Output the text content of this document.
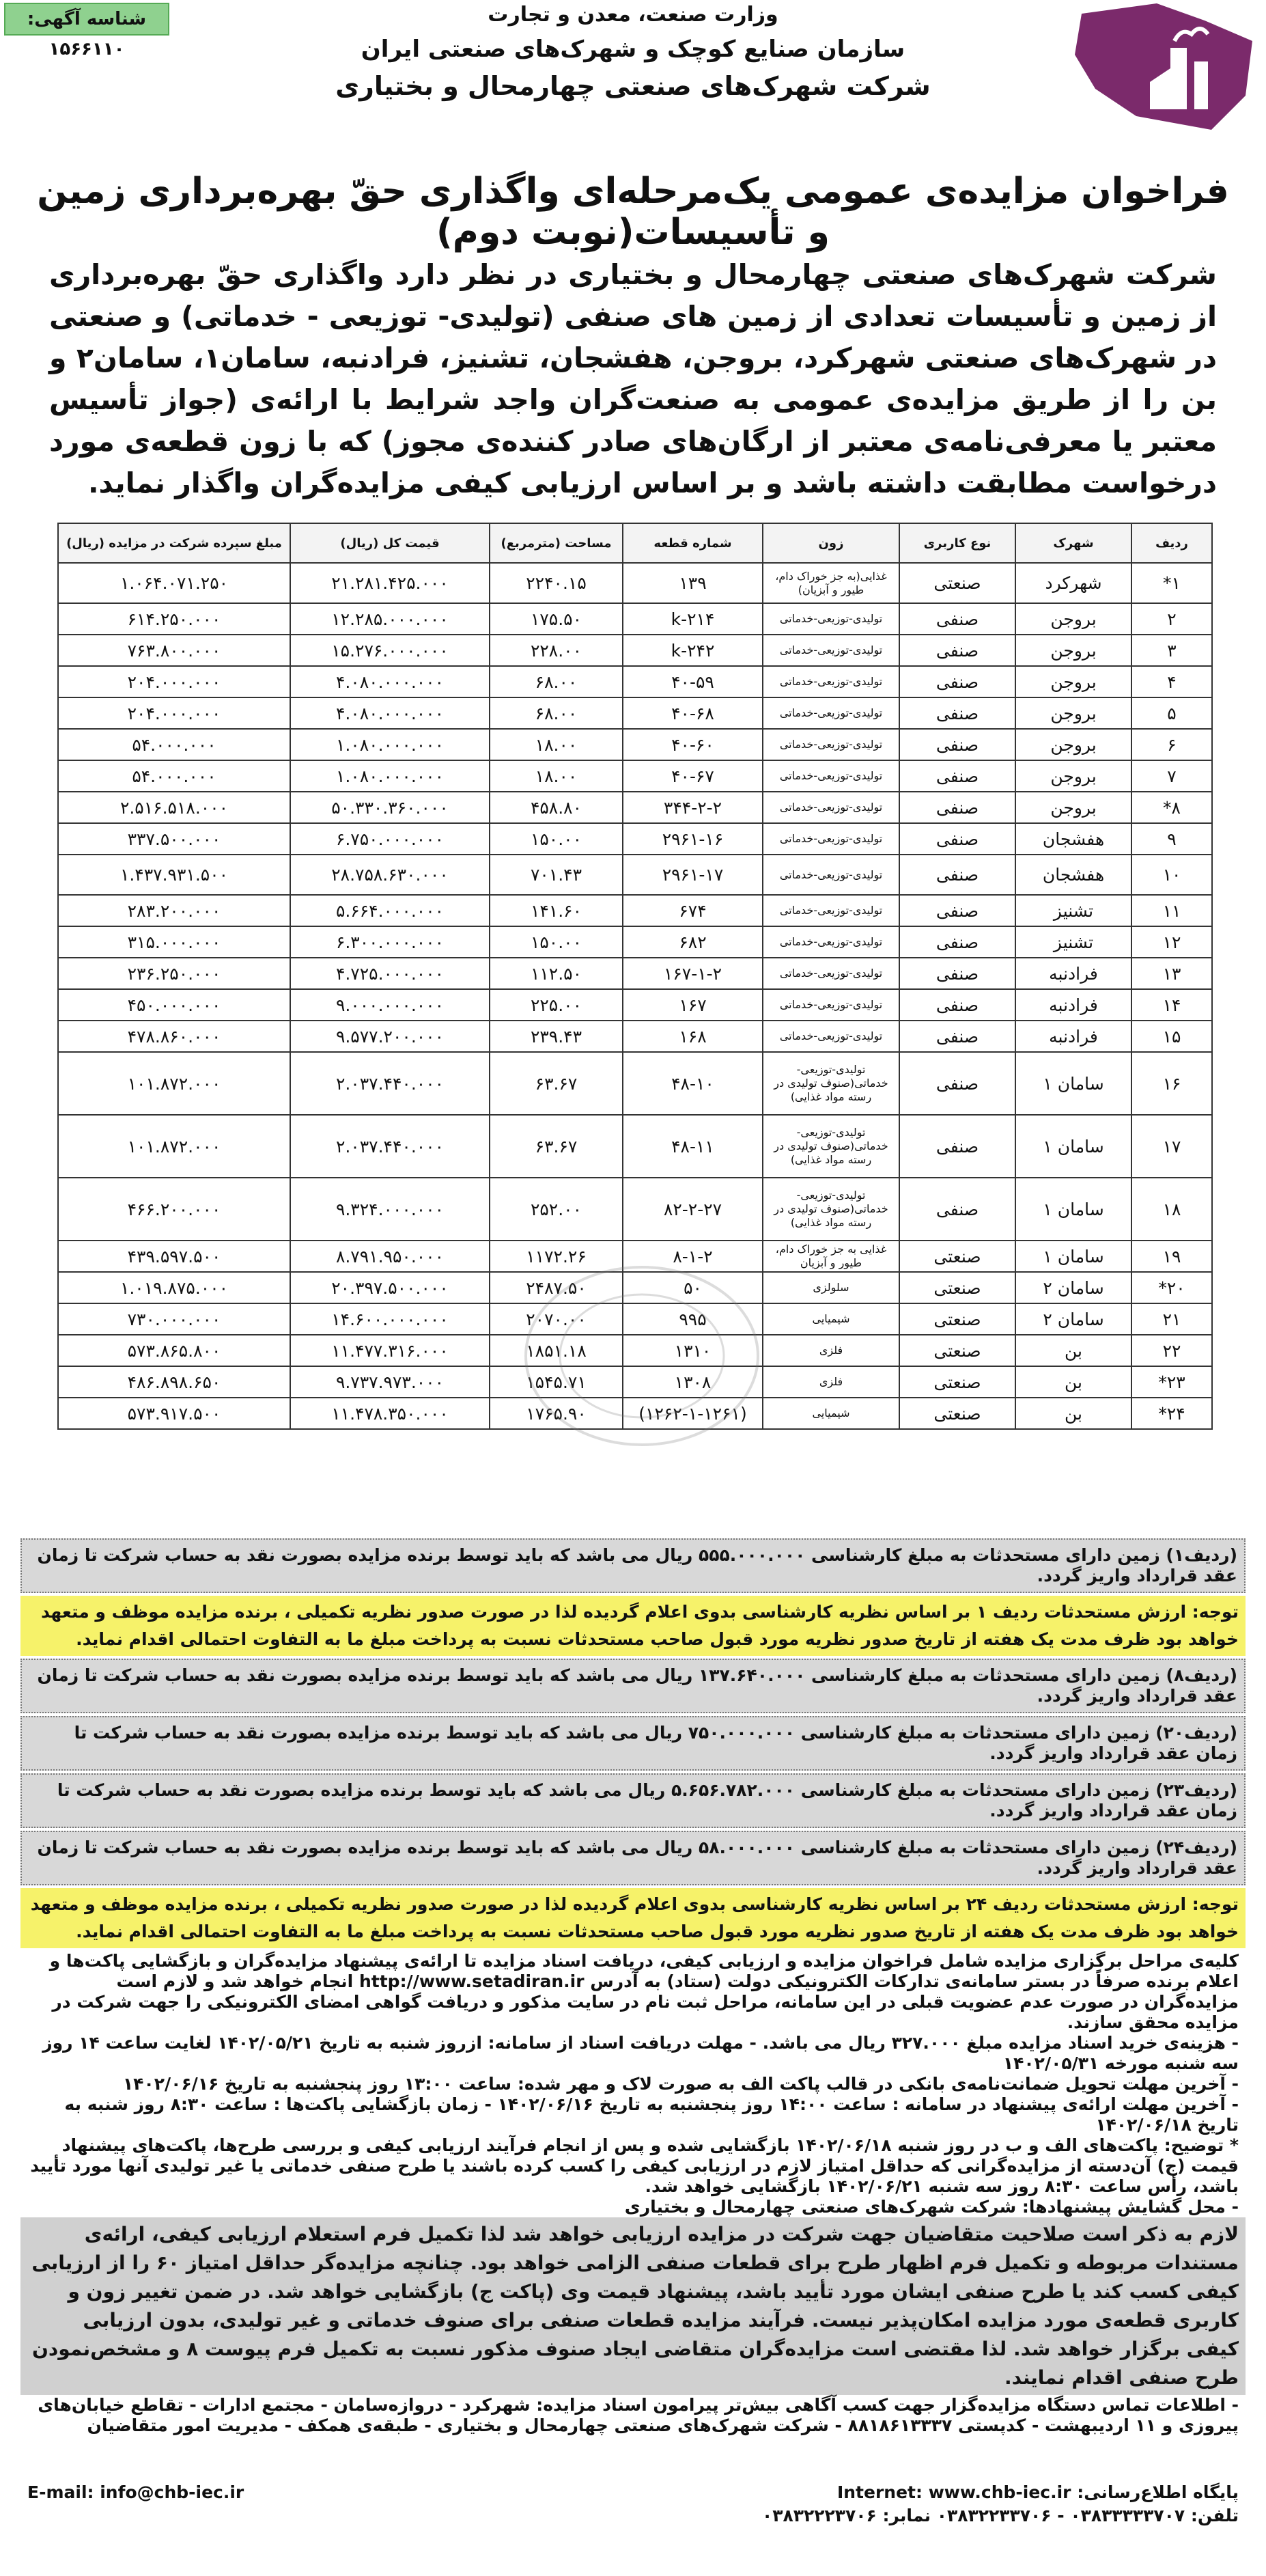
شناسه آگهی: ۱۵۶۶۱۱۰
وزارت صنعت، معدن و تجارت
سازمان صنایع کوچک و شهرک‌های صنعتی ایران
شرکت شهرک‌های صنعتی چهارمحال و بختیاری
فراخوان مزایده‌ی عمومی یک‌مرحله‌ای واگذاری حقّ بهره‌برداری زمین و تأسیسات(نوبت دوم)
شرکت شهرک‌های صنعتی چهارمحال و بختیاری در نظر دارد واگذاری حقّ بهره‌برداری از زمین و تأسیسات تعدادی از زمین های صنفی (تولیدی- توزیعی - خدماتی) و صنعتی در شهرک‌های صنعتی شهرکرد، بروجن، هفشجان، تشنیز، فرادنبه، سامان۱، سامان۲ و بن را از طریق مزایده‌ی عمومی به صنعت‌گران واجد شرایط با ارائه‌ی (جواز تأسیس معتبر یا معرفی‌نامه‌ی معتبر از ارگان‌های صادر کننده‌ی مجوز) که با زون قطعه‌ی مورد درخواست مطابقت داشته باشد و بر اساس ارزیابی کیفی مزایده‌گران واگذار نماید.
ردیف	شهرک	نوع کاربری	زون	شماره قطعه	مساحت (مترمربع)	قیمت کل (ریال)	مبلغ سپرده شرکت در مزایده (ریال)
۱*	شهرکرد	صنعتی	غذایی(به جز خوراک دام، طیور و آبزیان)	۱۳۹	۲۲۴۰.۱۵	۲۱.۲۸۱.۴۲۵.۰۰۰	۱.۰۶۴.۰۷۱.۲۵۰
۲	بروجن	صنفی	تولیدی-توزیعی-خدماتی	k-۲۱۴	۱۷۵.۵۰	۱۲.۲۸۵.۰۰۰.۰۰۰	۶۱۴.۲۵۰.۰۰۰
۳	بروجن	صنفی	تولیدی-توزیعی-خدماتی	k-۲۴۲	۲۲۸.۰۰	۱۵.۲۷۶.۰۰۰.۰۰۰	۷۶۳.۸۰۰.۰۰۰
۴	بروجن	صنفی	تولیدی-توزیعی-خدماتی	۴۰-۵۹	۶۸.۰۰	۴.۰۸۰.۰۰۰.۰۰۰	۲۰۴.۰۰۰.۰۰۰
۵	بروجن	صنفی	تولیدی-توزیعی-خدماتی	۴۰-۶۸	۶۸.۰۰	۴.۰۸۰.۰۰۰.۰۰۰	۲۰۴.۰۰۰.۰۰۰
۶	بروجن	صنفی	تولیدی-توزیعی-خدماتی	۴۰-۶۰	۱۸.۰۰	۱.۰۸۰.۰۰۰.۰۰۰	۵۴.۰۰۰.۰۰۰
۷	بروجن	صنفی	تولیدی-توزیعی-خدماتی	۴۰-۶۷	۱۸.۰۰	۱.۰۸۰.۰۰۰.۰۰۰	۵۴.۰۰۰.۰۰۰
۸*	بروجن	صنفی	تولیدی-توزیعی-خدماتی	۳۴۴-۲-۲	۴۵۸.۸۰	۵۰.۳۳۰.۳۶۰.۰۰۰	۲.۵۱۶.۵۱۸.۰۰۰
۹	هفشجان	صنفی	تولیدی-توزیعی-خدماتی	۲۹۶۱-۱۶	۱۵۰.۰۰	۶.۷۵۰.۰۰۰.۰۰۰	۳۳۷.۵۰۰.۰۰۰
۱۰	هفشجان	صنفی	تولیدی-توزیعی-خدماتی	۲۹۶۱-۱۷	۷۰۱.۴۳	۲۸.۷۵۸.۶۳۰.۰۰۰	۱.۴۳۷.۹۳۱.۵۰۰
۱۱	تشنیز	صنفی	تولیدی-توزیعی-خدماتی	۶۷۴	۱۴۱.۶۰	۵.۶۶۴.۰۰۰.۰۰۰	۲۸۳.۲۰۰.۰۰۰
۱۲	تشنیز	صنفی	تولیدی-توزیعی-خدماتی	۶۸۲	۱۵۰.۰۰	۶.۳۰۰.۰۰۰.۰۰۰	۳۱۵.۰۰۰.۰۰۰
۱۳	فرادنبه	صنفی	تولیدی-توزیعی-خدماتی	۱۶۷-۱-۲	۱۱۲.۵۰	۴.۷۲۵.۰۰۰.۰۰۰	۲۳۶.۲۵۰.۰۰۰
۱۴	فرادنبه	صنفی	تولیدی-توزیعی-خدماتی	۱۶۷	۲۲۵.۰۰	۹.۰۰۰.۰۰۰.۰۰۰	۴۵۰.۰۰۰.۰۰۰
۱۵	فرادنبه	صنفی	تولیدی-توزیعی-خدماتی	۱۶۸	۲۳۹.۴۳	۹.۵۷۷.۲۰۰.۰۰۰	۴۷۸.۸۶۰.۰۰۰
۱۶	سامان ۱	صنفی	تولیدی-توزیعی-خدماتی(صنوف تولیدی در رسته مواد غذایی)	۴۸-۱۰	۶۳.۶۷	۲.۰۳۷.۴۴۰.۰۰۰	۱۰۱.۸۷۲.۰۰۰
۱۷	سامان ۱	صنفی	تولیدی-توزیعی-خدماتی(صنوف تولیدی در رسته مواد غذایی)	۴۸-۱۱	۶۳.۶۷	۲.۰۳۷.۴۴۰.۰۰۰	۱۰۱.۸۷۲.۰۰۰
۱۸	سامان ۱	صنفی	تولیدی-توزیعی-خدماتی(صنوف تولیدی در رسته مواد غذایی)	۸۲-۲-۲۷	۲۵۲.۰۰	۹.۳۲۴.۰۰۰.۰۰۰	۴۶۶.۲۰۰.۰۰۰
۱۹	سامان ۱	صنعتی	غذایی به جز خوراک دام، طیور و آبزیان	۸-۱-۲	۱۱۷۲.۲۶	۸.۷۹۱.۹۵۰.۰۰۰	۴۳۹.۵۹۷.۵۰۰
۲۰*	سامان ۲	صنعتی	سلولزی	۵۰	۲۴۸۷.۵۰	۲۰.۳۹۷.۵۰۰.۰۰۰	۱.۰۱۹.۸۷۵.۰۰۰
۲۱	سامان ۲	صنعتی	شیمیایی	۹۹۵	۲۰۷۰.۰۰	۱۴.۶۰۰.۰۰۰.۰۰۰	۷۳۰.۰۰۰.۰۰۰
۲۲	بن	صنعتی	فلزی	۱۳۱۰	۱۸۵۱.۱۸	۱۱.۴۷۷.۳۱۶.۰۰۰	۵۷۳.۸۶۵.۸۰۰
۲۳*	بن	صنعتی	فلزی	۱۳۰۸	۱۵۴۵.۷۱	۹.۷۳۷.۹۷۳.۰۰۰	۴۸۶.۸۹۸.۶۵۰
۲۴*	بن	صنعتی	شیمیایی	(۱۲۶۲-۱-۱۲۶۱)	۱۷۶۵.۹۰	۱۱.۴۷۸.۳۵۰.۰۰۰	۵۷۳.۹۱۷.۵۰۰
(ردیف۱) زمین دارای مستحدثات به مبلغ کارشناسی ۵۵۵.۰۰۰.۰۰۰ ریال می باشد که باید توسط برنده مزایده بصورت نقد به حساب شرکت تا زمان عقد قرارداد واریز گردد.
توجه: ارزش مستحدثات ردیف ۱ بر اساس نظریه کارشناسی بدوی اعلام گردیده لذا در صورت صدور نظریه تکمیلی ، برنده مزایده موظف و متعهد خواهد بود ظرف مدت یک هفته از تاریخ صدور نظریه مورد قبول صاحب مستحدثات نسبت به پرداخت مبلغ ما به التفاوت احتمالی اقدام نماید.
(ردیف۸) زمین دارای مستحدثات به مبلغ کارشناسی ۱۳۷.۶۴۰.۰۰۰ ریال می باشد که باید توسط برنده مزایده بصورت نقد به حساب شرکت تا زمان عقد قرارداد واریز گردد.
(ردیف۲۰) زمین دارای مستحدثات به مبلغ کارشناسی ۷۵۰.۰۰۰.۰۰۰ ریال می باشد که باید توسط برنده مزایده بصورت نقد به حساب شرکت تا زمان عقد قرارداد واریز گردد.
(ردیف۲۳) زمین دارای مستحدثات به مبلغ کارشناسی ۵.۶۵۶.۷۸۲.۰۰۰ ریال می باشد که باید توسط برنده مزایده بصورت نقد به حساب شرکت تا زمان عقد قرارداد واریز گردد.
(ردیف۲۴) زمین دارای مستحدثات به مبلغ کارشناسی ۵۸.۰۰۰.۰۰۰ ریال می باشد که باید توسط برنده مزایده بصورت نقد به حساب شرکت تا زمان عقد قرارداد واریز گردد.
توجه: ارزش مستحدثات ردیف ۲۴ بر اساس نظریه کارشناسی بدوی اعلام گردیده لذا در صورت صدور نظریه تکمیلی ، برنده مزایده موظف و متعهد خواهد بود ظرف مدت یک هفته از تاریخ صدور نظریه مورد قبول صاحب مستحدثات نسبت به پرداخت مبلغ ما به التفاوت احتمالی اقدام نماید.

کلیه‌ی مراحل برگزاری مزایده شامل فراخوان مزایده و ارزیابی کیفی، دریافت اسناد مزایده تا ارائه‌ی پیشنهاد مزایده‌گران و بازگشایی پاکت‌ها و اعلام برنده صرفاً در بستر سامانه‌ی تدارکات الکترونیکی دولت (ستاد) به آدرس http://www.setadiran.ir انجام خواهد شد و لازم است مزایده‌گران در صورت عدم عضویت قبلی در این سامانه، مراحل ثبت نام در سایت مذکور و دریافت گواهی امضای الکترونیکی را جهت شرکت در مزایده محقق سازند.

- هزینه‌ی خرید اسناد مزایده مبلغ ۳۲۷.۰۰۰ ریال می باشد. - مهلت دریافت اسناد از سامانه: ازروز شنبه به تاریخ ۱۴۰۲/۰۵/۲۱ لغایت ساعت ۱۴ روز سه شنبه مورخه ۱۴۰۲/۰۵/۳۱

- آخرین مهلت تحویل ضمانت‌نامه‌ی بانکی در قالب پاکت الف به صورت لاک و مهر شده: ساعت ۱۳:۰۰ روز پنجشنبه به تاریخ ۱۴۰۲/۰۶/۱۶

- آخرین مهلت ارائه‌ی پیشنهاد در سامانه : ساعت ۱۴:۰۰ روز پنجشنبه به تاریخ ۱۴۰۲/۰۶/۱۶ - زمان بازگشایی پاکت‌ها : ساعت ۸:۳۰ روز شنبه به تاریخ ۱۴۰۲/۰۶/۱۸

* توضیح: پاکت‌های الف و ب در روز شنبه ۱۴۰۲/۰۶/۱۸ بازگشایی شده و پس از انجام فرآیند ارزیابی کیفی و بررسی طرح‌ها، پاکت‌های پیشنهاد قیمت (ج) آن‌دسته از مزایده‌گرانی که حداقل امتیاز لازم در ارزیابی کیفی را کسب کرده باشند یا طرح صنفی خدماتی یا غیر تولیدی آنها مورد تأیید باشد، رأس ساعت ۸:۳۰ روز سه شنبه ۱۴۰۲/۰۶/۲۱ بازگشایی خواهد شد.

- محل گشایش پیشنهادها: شرکت شهرک‌های صنعتی چهارمحال و بختیاری

لازم به ذکر است صلاحیت متقاضیان جهت شرکت در مزایده ارزیابی خواهد شد لذا تکمیل فرم استعلام ارزیابی کیفی، ارائه‌ی مستندات مربوطه و تکمیل فرم اظهار طرح برای قطعات صنفی الزامی خواهد بود. چنانچه مزایده‌گر حداقل امتیاز ۶۰ را از ارزیابی کیفی کسب کند یا طرح صنفی ایشان مورد تأیید باشد، پیشنهاد قیمت وی (پاکت ج) بازگشایی خواهد شد. در ضمن تغییر زون و کاربری قطعه‌ی مورد مزایده امکان‌پذیر نیست. فرآیند مزایده قطعات صنفی برای صنوف خدماتی و غیر تولیدی، بدون ارزیابی کیفی برگزار خواهد شد. لذا مقتضی است مزایده‌گران متقاضی ایجاد صنوف مذکور نسبت به تکمیل فرم پیوست ۸ و مشخص‌نمودن طرح صنفی اقدام نمایند.
- اطلاعات تماس دستگاه مزایده‌گزار جهت کسب آگاهی بیش‌تر پیرامون اسناد مزایده: شهرکرد - دروازه‌سامان - مجتمع ادارات - تقاطع خیابان‌های پیروزی و ۱۱ اردیبهشت - کدپستی ۸۸۱۸۶۱۳۳۳۷ - شرکت شهرک‌های صنعتی چهارمحال و بختیاری - طبقه‌ی همکف - مدیریت امور متقاضیان
پایگاه اطلاع‌رسانی: Internet: www.chb-iec.ir
E-mail: info@chb-iec.ir
تلفن: ۰۳۸۳۳۳۳۳۷۰۷ - ۰۳۸۳۲۲۳۳۷۰۶ نمابر: ۰۳۸۳۲۲۲۳۷۰۶
